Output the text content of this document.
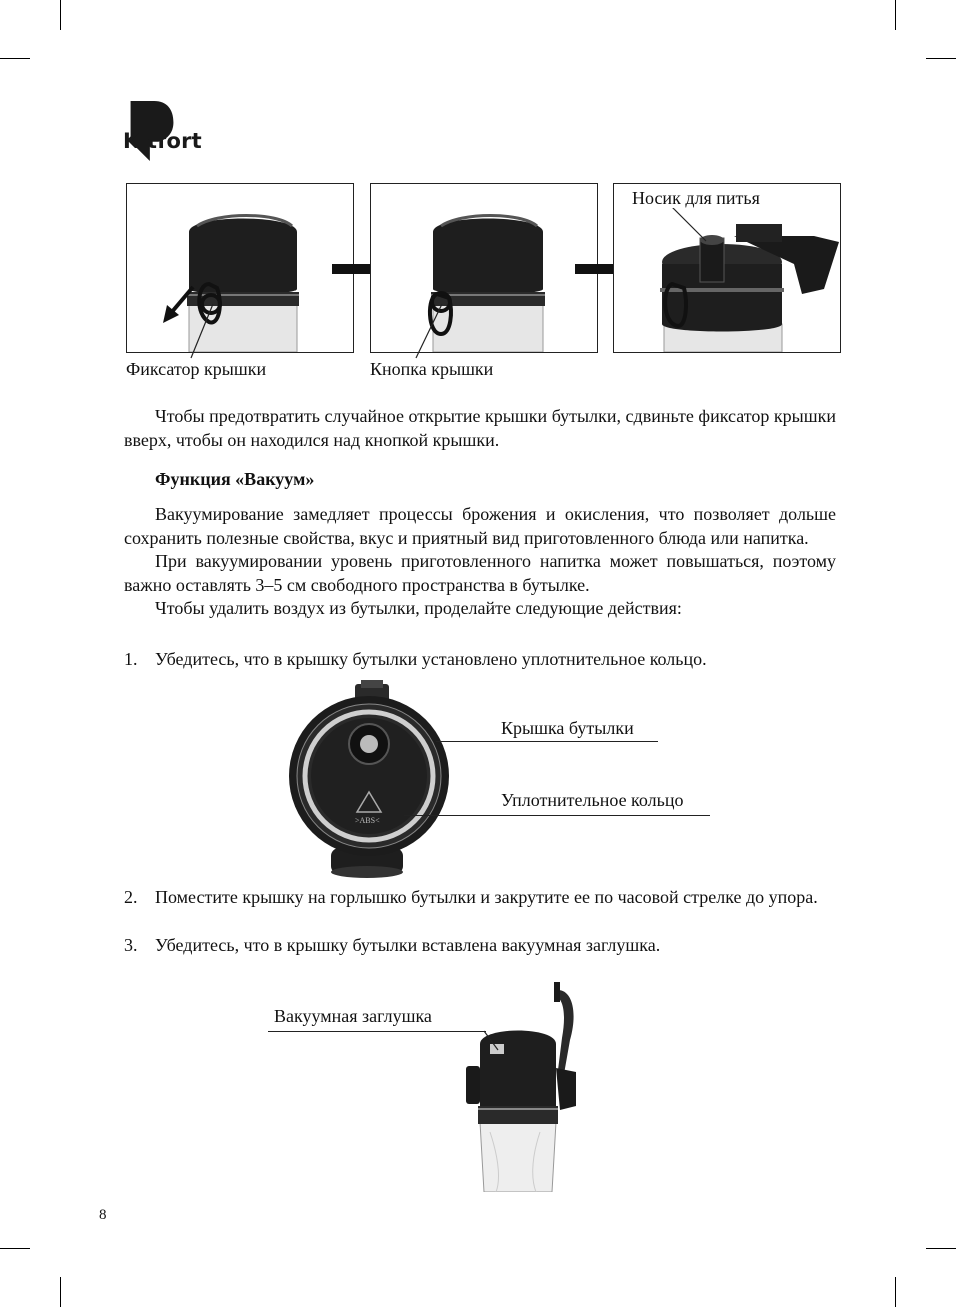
Kitfort
Носик для питья
Фиксатор крышки	Кнопка крышки

Чтобы предотвратить случайное открытие крышки бутылки, сдвиньте фиксатор крышки вверх, чтобы он находился над кнопкой крышки.

Функция «Вакуум»

Вакуумирование замедляет процессы брожения и окисления, что позволяет дольше сохранить полезные свойства, вкус и приятный вид приготовленного блюда или напитка.

При вакуумировании уровень приготовленного напитка может повышаться, поэтому важно оставлять 3–5 см свободного пространства в бутылке.

Чтобы удалить воздух из бутылки, проделайте следующие действия:

1. Убедитесь, что в крышку бутылки установлено уплотнительное кольцо.
>ABS<
Крышка бутылки
Уплотнительное кольцо
2. Поместите крышку на горлышко бутылки и закрутите ее по часовой стрелке до упора.
3. Убедитесь, что в крышку бутылки вставлена вакуумная заглушка.
Вакуумная заглушка
8
